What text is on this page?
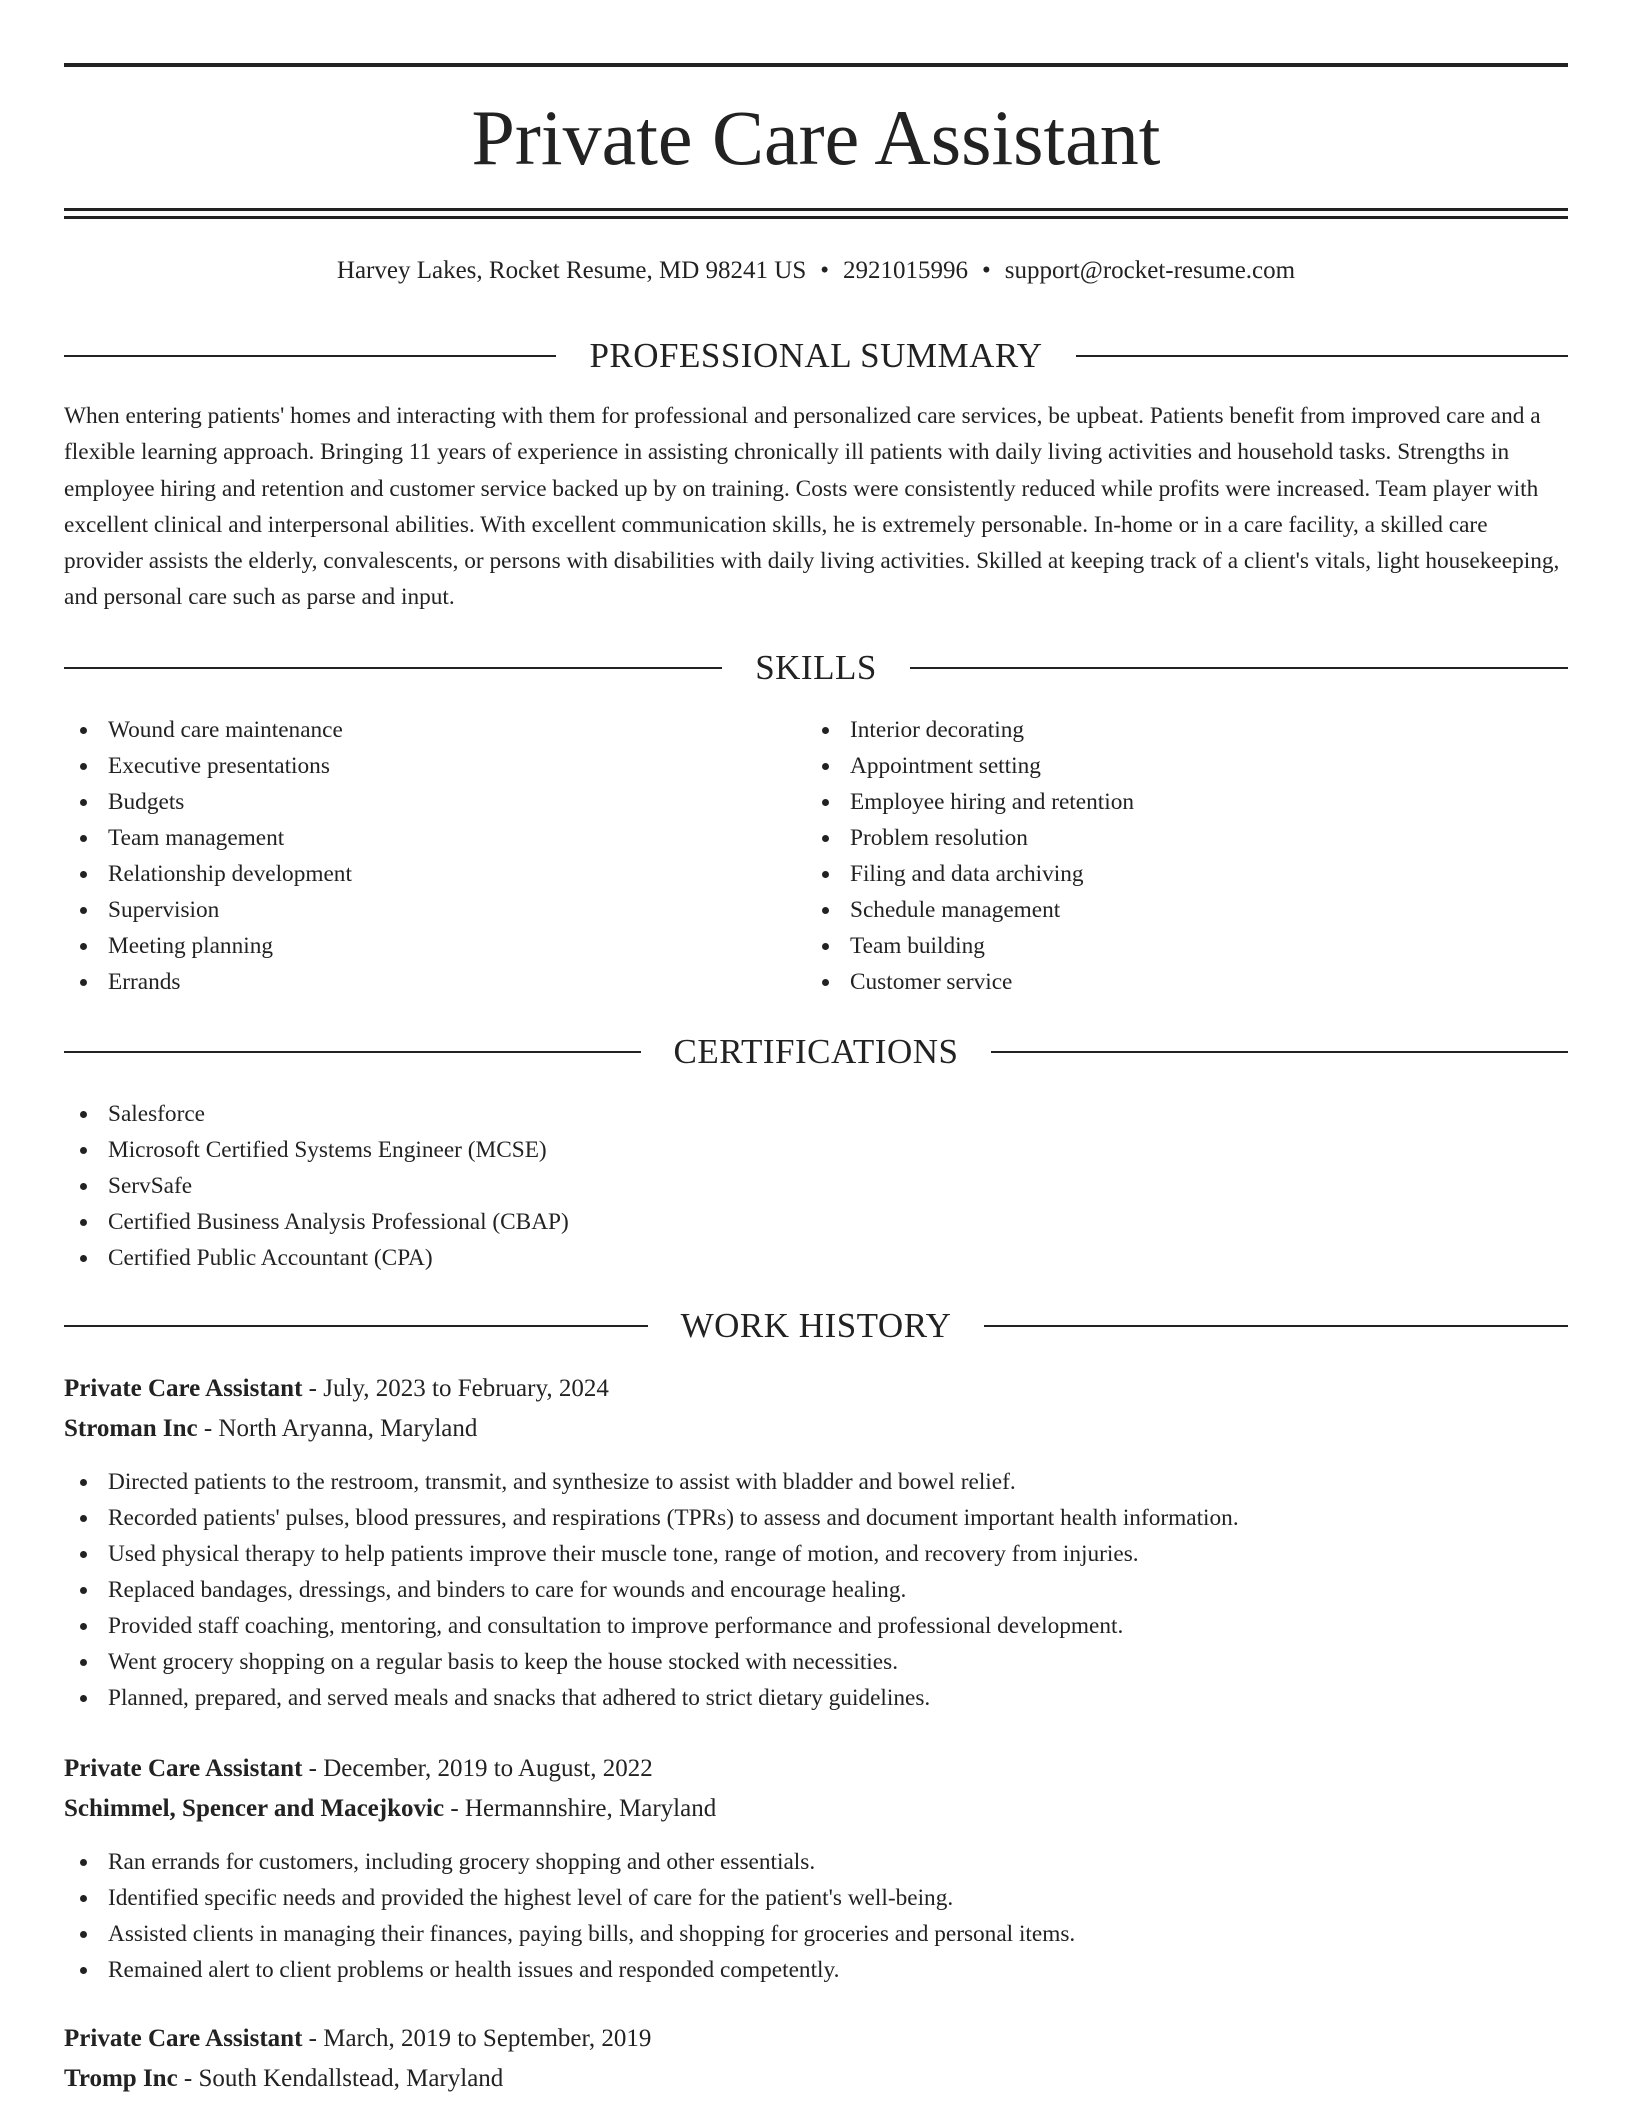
Private Care Assistant
Harvey Lakes, Rocket Resume, MD 98241 US • 2921015996 • support@rocket-resume.com
PROFESSIONAL SUMMARY

When entering patients' homes and interacting with them for professional and personalized care services, be upbeat. Patients benefit from improved care and a flexible learning approach. Bringing 11 years of experience in assisting chronically ill patients with daily living activities and household tasks. Strengths in employee hiring and retention and customer service backed up by on training. Costs were consistently reduced while profits were increased. Team player with excellent clinical and interpersonal abilities. With excellent communication skills, he is extremely personable. In-home or in a care facility, a skilled care provider assists the elderly, convalescents, or persons with disabilities with daily living activities. Skilled at keeping track of a client's vitals, light housekeeping, and personal care such as parse and input.

SKILLS
Wound care maintenance
Executive presentations
Budgets
Team management
Relationship development
Supervision
Meeting planning
Errands
Interior decorating
Appointment setting
Employee hiring and retention
Problem resolution
Filing and data archiving
Schedule management
Team building
Customer service
CERTIFICATIONS
Salesforce
Microsoft Certified Systems Engineer (MCSE)
ServSafe
Certified Business Analysis Professional (CBAP)
Certified Public Accountant (CPA)
WORK HISTORY
Private Care Assistant - July, 2023 to February, 2024
Stroman Inc - North Aryanna, Maryland
Directed patients to the restroom, transmit, and synthesize to assist with bladder and bowel relief.
Recorded patients' pulses, blood pressures, and respirations (TPRs) to assess and document important health information.
Used physical therapy to help patients improve their muscle tone, range of motion, and recovery from injuries.
Replaced bandages, dressings, and binders to care for wounds and encourage healing.
Provided staff coaching, mentoring, and consultation to improve performance and professional development.
Went grocery shopping on a regular basis to keep the house stocked with necessities.
Planned, prepared, and served meals and snacks that adhered to strict dietary guidelines.
Private Care Assistant - December, 2019 to August, 2022
Schimmel, Spencer and Macejkovic - Hermannshire, Maryland
Ran errands for customers, including grocery shopping and other essentials.
Identified specific needs and provided the highest level of care for the patient's well-being.
Assisted clients in managing their finances, paying bills, and shopping for groceries and personal items.
Remained alert to client problems or health issues and responded competently.
Private Care Assistant - March, 2019 to September, 2019
Tromp Inc - South Kendallstead, Maryland
